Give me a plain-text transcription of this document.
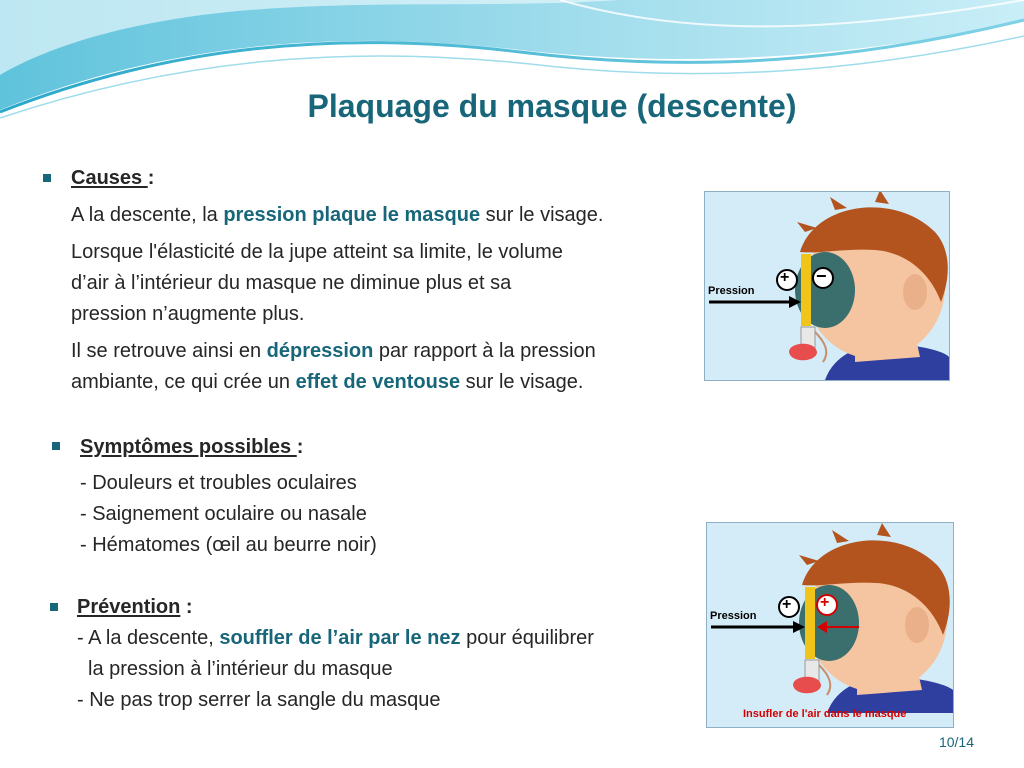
Plaquage du masque (descente)

Causes :

A la descente, la pression plaque le masque sur le visage.

Lorsque l'élasticité de la jupe atteint sa limite, le volume

d’air à l’intérieur du masque ne diminue plus et sa

pression n’augmente plus.

Il se retrouve ainsi en dépression par rapport à la pression

ambiante, ce qui crée un effet de ventouse sur le visage.

Symptômes possibles :

- Douleurs et troubles oculaires

- Saignement oculaire ou nasale

- Hématomes (œil au beurre noir)

Prévention :

- A la descente, souffler de l’air par le nez pour équilibrer

la pression à l’intérieur du masque

- Ne pas trop serrer la sangle du masque

Pression
+ −
Pression
+ +
Insufler de l'air dans le masque
10/14
